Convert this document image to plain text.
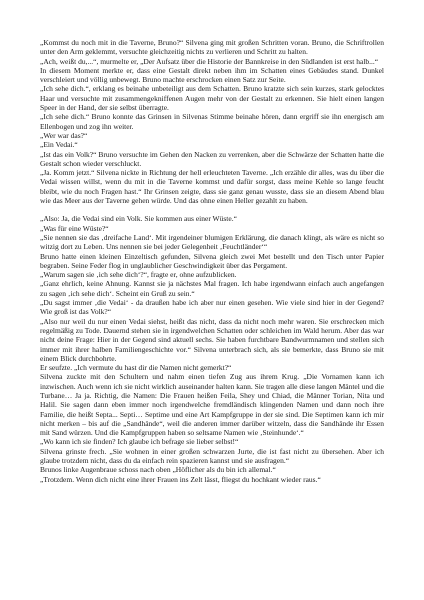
„Kommst du noch mit in die Taverne, Bruno?“ Silvena ging mit großen Schritten voran. Bruno, die Schriftrollen unter den Arm geklemmt, versuchte gleichzeitig nichts zu verlieren und Schritt zu halten.

„Ach, weißt du,...“, murmelte er, „Der Aufsatz über die Historie der Bannkreise in den Südlanden ist erst halb...“

In diesem Moment merkte er, dass eine Gestalt direkt neben ihm im Schatten eines Gebäudes stand. Dunkel verschleiert und völlig unbewegt. Bruno machte erschrocken einen Satz zur Seite.

„Ich sehe dich.“, erklang es beinahe unbeteiligt aus dem Schatten. Bruno kratzte sich sein kurzes, stark gelocktes Haar und versuchte mit zusammengekniffenen Augen mehr von der Gestalt zu erkennen. Sie hielt einen langen Speer in der Hand, der sie selbst überragte.

„Ich sehe dich.“ Bruno konnte das Grinsen in Silvenas Stimme beinahe hören, dann ergriff sie ihn energisch am Ellenbogen und zog ihn weiter.

„Wer war das?“

„Ein Vedai.“

„Ist das ein Volk?“ Bruno versuchte im Gehen den Nacken zu verrenken, aber die Schwärze der Schatten hatte die Gestalt schon wieder verschluckt.

„Ja. Komm jetzt.“ Silvena nickte in Richtung der hell erleuchteten Taverne. „Ich erzähle dir alles, was du über die Vedai wissen willst, wenn du mit in die Taverne kommst und dafür sorgst, dass meine Kehle so lange feucht bleibt, wie du noch Fragen hast.“ Ihr Grinsen zeigte, dass sie ganz genau wusste, dass sie an diesem Abend blau wie das Meer aus der Taverne gehen würde. Und das ohne einen Heller gezahlt zu haben.

„Also: Ja, die Vedai sind ein Volk. Sie kommen aus einer Wüste.“

„Was für eine Wüste?“

„Sie nennen sie das ‚dreifache Land‘. Mit irgendeiner blumigen Erklärung, die danach klingt, als wäre es nicht so witzig dort zu Leben. Uns nennen sie bei jeder Gelegenheit ‚Feuchtländer‘“

Bruno hatte einen kleinen Einzeltisch gefunden, Silvena gleich zwei Met bestellt und den Tisch unter Papier begraben. Seine Feder flog in unglaublicher Geschwindigkeit über das Pergament.

„Warum sagen sie ‚ich sehe dich‘?“, fragte er, ohne aufzublicken.

„Ganz ehrlich, keine Ahnung. Kannst sie ja nächstes Mal fragen. Ich habe irgendwann einfach auch angefangen zu sagen ‚ich sehe dich‘. Scheint ein Gruß zu sein.“

„Du sagst immer ‚die Vedai‘ - da draußen habe ich aber nur einen gesehen. Wie viele sind hier in der Gegend? Wie groß ist das Volk?“

„Also nur weil du nur einen Vedai siehst, heißt das nicht, dass da nicht noch mehr waren. Sie erschrecken mich regelmäßig zu Tode. Dauernd stehen sie in irgendwelchen Schatten oder schleichen im Wald herum. Aber das war nicht deine Frage: Hier in der Gegend sind aktuell sechs. Sie haben furchtbare Bandwurmnamen und stellen sich immer mit ihrer halben Familiengeschichte vor.“ Silvena unterbrach sich, als sie bemerkte, dass Bruno sie mit einem Blick durchbohrte.

Er seufzte. „Ich vermute du hast dir die Namen nicht gemerkt?“

Silvena zuckte mit den Schultern und nahm einen tiefen Zug aus ihrem Krug. „Die Vornamen kann ich inzwischen. Auch wenn ich sie nicht wirklich auseinander halten kann. Sie tragen alle diese langen Mäntel und die Turbane… Ja ja. Richtig, die Namen: Die Frauen heißen Feila, Shey und Chiad, die Männer Torian, Nita und Halil. Sie sagen dann eben immer noch irgendwelche fremdländisch klingenden Namen und dann noch ihre Familie, die heißt Septa... Septi… Septime und eine Art Kampfgruppe in der sie sind. Die Septimen kann ich mir nicht merken – bis auf die „Sandhände“, weil die anderen immer darüber witzeln, dass die Sandhände ihr Essen mit Sand würzen. Und die Kampfgruppen haben so seltsame Namen wie ‚Steinhunde‘.“

„Wo kann ich sie finden? Ich glaube ich befrage sie lieber selbst!“

Silvena grinste frech. „Sie wohnen in einer großen schwarzen Jurte, die ist fast nicht zu übersehen. Aber ich glaube trotzdem nicht, dass du da einfach rein spazieren kannst und sie ausfragen.“

Brunos linke Augenbraue schoss nach oben „Höflicher als du bin ich allemal.“

„Trotzdem. Wenn dich nicht eine ihrer Frauen ins Zelt lässt, fliegst du hochkant wieder raus.“
